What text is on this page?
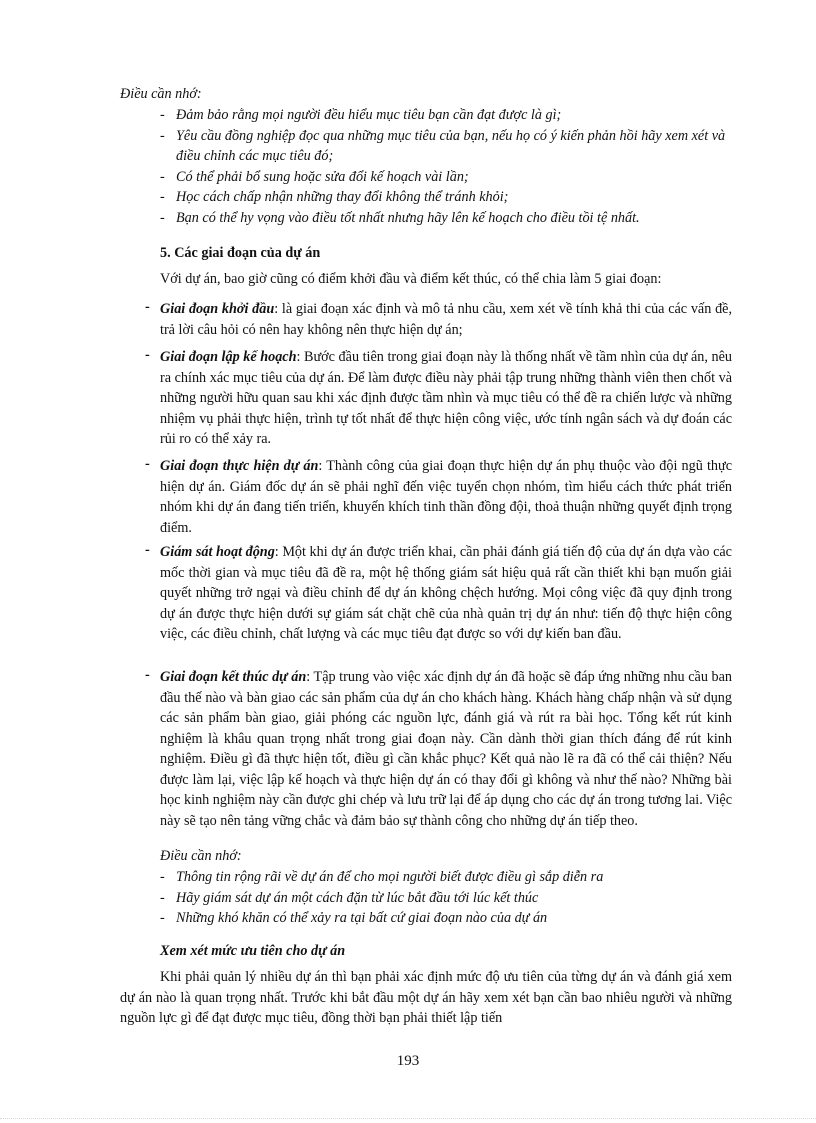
Điều cần nhớ:
- Đảm bảo rằng mọi người đều hiểu mục tiêu bạn cần đạt được là gì;
- Yêu cầu đồng nghiệp đọc qua những mục tiêu của bạn, nếu họ có ý kiến phản hồi hãy xem xét và điều chỉnh các mục tiêu đó;
- Có thể phải bổ sung hoặc sửa đổi kế hoạch vài lần;
- Học cách chấp nhận những thay đổi không thể tránh khỏi;
- Bạn có thể hy vọng vào điều tốt nhất nhưng hãy lên kế hoạch cho điều tồi tệ nhất.
5. Các giai đoạn của dự án
Với dự án, bao giờ cũng có điểm khởi đầu và điểm kết thúc, có thể chia làm 5 giai đoạn:
- Giai đoạn khởi đầu: là giai đoạn xác định và mô tả nhu cầu, xem xét về tính khả thi của các vấn đề, trả lời câu hỏi có nên hay không nên thực hiện dự án;
- Giai đoạn lập kế hoạch: Bước đầu tiên trong giai đoạn này là thống nhất về tầm nhìn của dự án, nêu ra chính xác mục tiêu của dự án. Để làm được điều này phải tập trung những thành viên then chốt và những người hữu quan sau khi xác định được tầm nhìn và mục tiêu có thể đề ra chiến lược và những nhiệm vụ phải thực hiện, trình tự tốt nhất để thực hiện công việc, ước tính ngân sách và dự đoán các rủi ro có thể xảy ra.
- Giai đoạn thực hiện dự án: Thành công của giai đoạn thực hiện dự án phụ thuộc vào đội ngũ thực hiện dự án. Giám đốc dự án sẽ phải nghĩ đến việc tuyển chọn nhóm, tìm hiểu cách thức phát triển nhóm khi dự án đang tiến triển, khuyến khích tinh thần đồng đội, thoả thuận những quyết định trọng điểm.
- Giám sát hoạt động: Một khi dự án được triển khai, cần phải đánh giá tiến độ của dự án dựa vào các mốc thời gian và mục tiêu đã đề ra, một hệ thống giám sát hiệu quả rất cần thiết khi bạn muốn giải quyết những trở ngại và điều chỉnh để dự án không chệch hướng. Mọi công việc đã quy định trong dự án được thực hiện dưới sự giám sát chặt chẽ của nhà quản trị dự án như: tiến độ thực hiện công việc, các điều chỉnh, chất lượng và các mục tiêu đạt được so với dự kiến ban đầu.
- Giai đoạn kết thúc dự án: Tập trung vào việc xác định dự án đã hoặc sẽ đáp ứng những nhu cầu ban đầu thế nào và bàn giao các sản phẩm của dự án cho khách hàng. Khách hàng chấp nhận và sử dụng các sản phẩm bàn giao, giải phóng các nguồn lực, đánh giá và rút ra bài học. Tổng kết rút kinh nghiệm là khâu quan trọng nhất trong giai đoạn này. Cần dành thời gian thích đáng để rút kinh nghiệm. Điều gì đã thực hiện tốt, điều gì cần khắc phục? Kết quả nào lẽ ra đã có thể cải thiện? Nếu được làm lại, việc lập kế hoạch và thực hiện dự án có thay đổi gì không và như thế nào? Những bài học kinh nghiệm này cần được ghi chép và lưu trữ lại để áp dụng cho các dự án trong tương lai. Việc này sẽ tạo nên tảng vững chắc và đảm bảo sự thành công cho những dự án tiếp theo.
Điều cần nhớ:
- Thông tin rộng rãi về dự án để cho mọi người biết được điều gì sắp diễn ra
- Hãy giám sát dự án một cách đặn từ lúc bắt đầu tới lúc kết thúc
- Những khó khăn có thể xảy ra tại bất cứ giai đoạn nào của dự án
Xem xét mức ưu tiên cho dự án
Khi phải quản lý nhiều dự án thì bạn phải xác định mức độ ưu tiên của từng dự án và đánh giá xem dự án nào là quan trọng nhất. Trước khi bắt đầu một dự án hãy xem xét bạn cần bao nhiêu người và những nguồn lực gì để đạt được mục tiêu, đồng thời bạn phải thiết lập tiến
193
